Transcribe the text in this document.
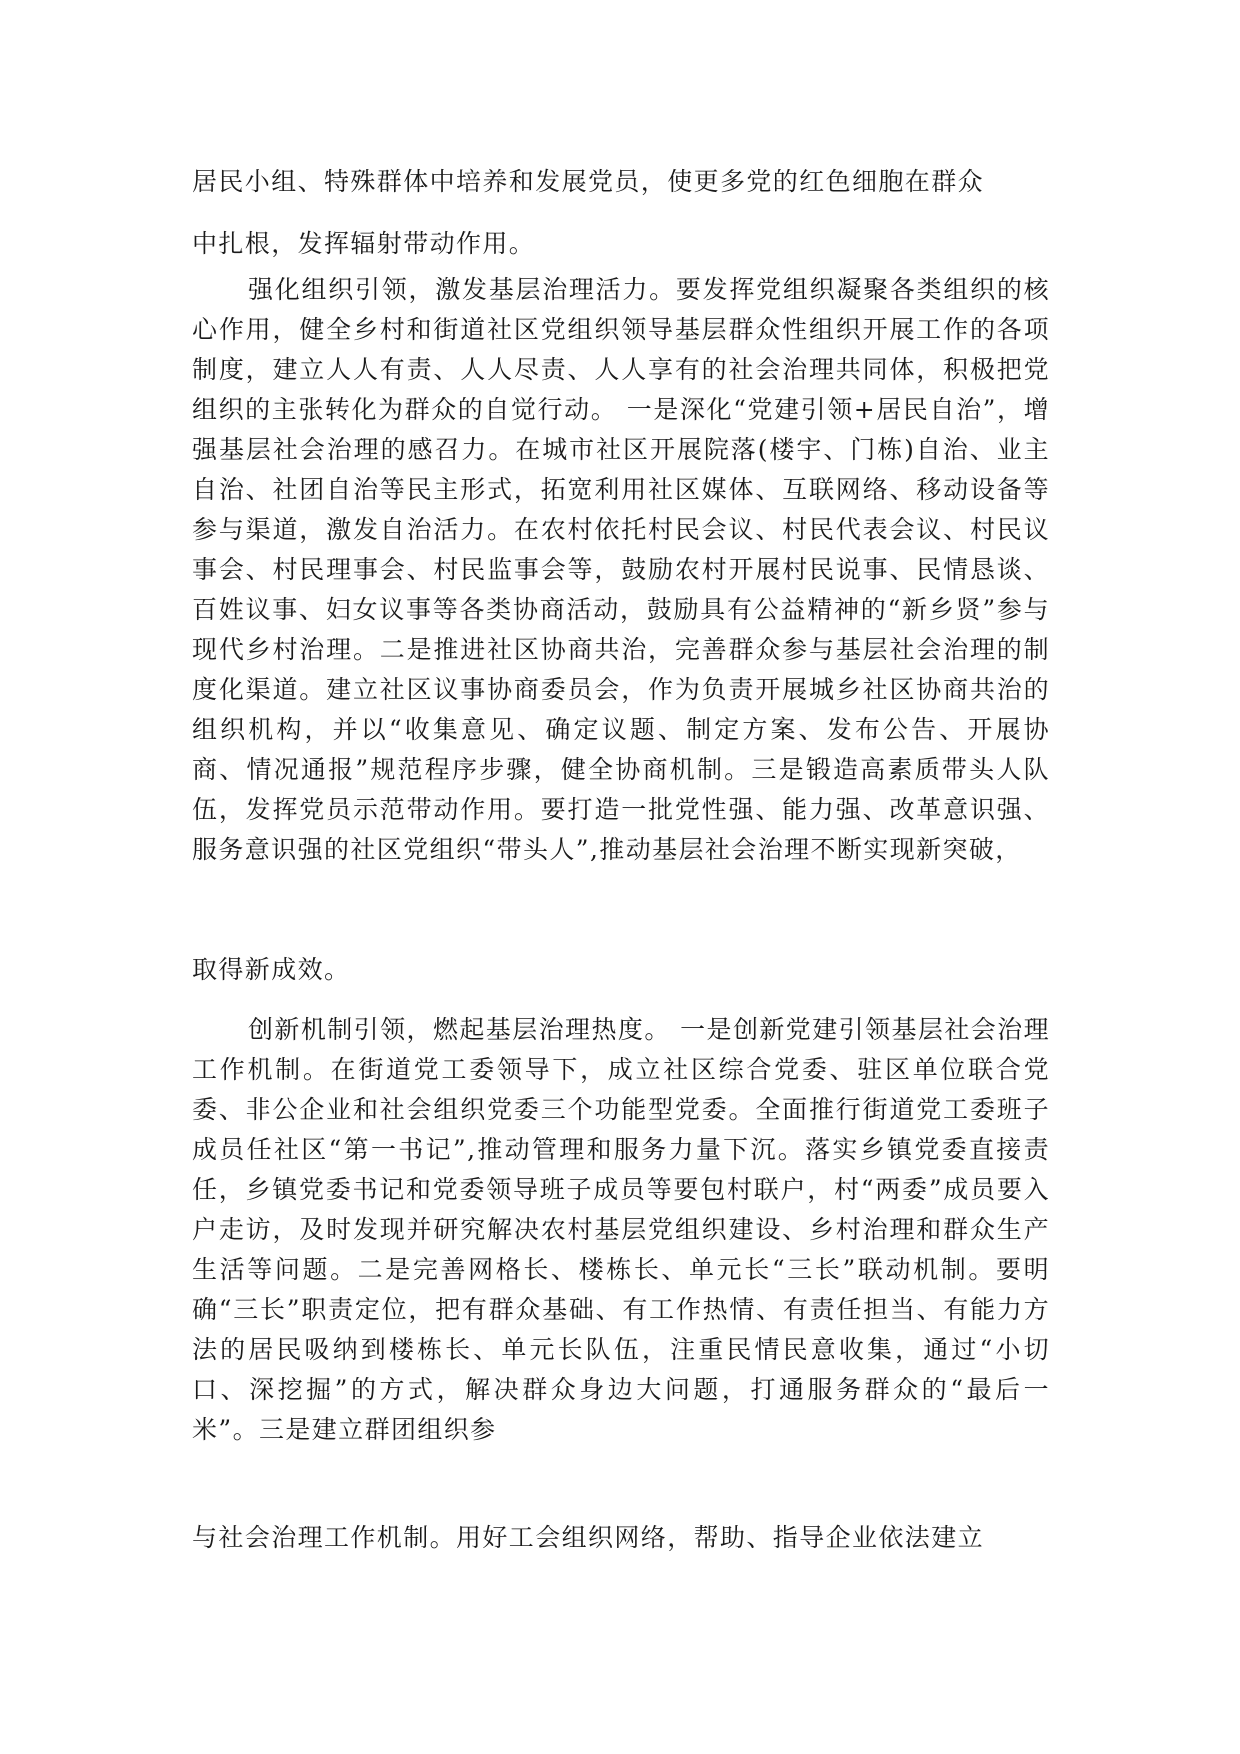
居民小组、特殊群体中培养和发展党员，使更多党的红色细胞在群众
中扎根，发挥辐射带动作用。

强化组织引领，激发基层治理活力。要发挥党组织凝聚各类组织的核心作用，健全乡村和街道社区党组织领导基层群众性组织开展工作的各项制度，建立人人有责、人人尽责、人人享有的社会治理共同体，积极把党组织的主张转化为群众的自觉行动。 一是深化“党建引领+居民自治”，增强基层社会治理的感召力。在城市社区开展院落(楼宇、门栋)自治、业主自治、社团自治等民主形式，拓宽利用社区媒体、互联网络、移动设备等参与渠道，激发自治活力。在农村依托村民会议、村民代表会议、村民议事会、村民理事会、村民监事会等，鼓励农村开展村民说事、民情恳谈、百姓议事、妇女议事等各类协商活动，鼓励具有公益精神的“新乡贤”参与现代乡村治理。二是推进社区协商共治，完善群众参与基层社会治理的制度化渠道。建立社区议事协商委员会，作为负责开展城乡社区协商共治的组织机构，并以“收集意见、确定议题、制定方案、发布公告、开展协商、情况通报”规范程序步骤，健全协商机制。三是锻造高素质带头人队伍，发挥党员示范带动作用。要打造一批党性强、能力强、改革意识强、服务意识强的社区党组织“带头人”,推动基层社会治理不断实现新突破，

取得新成效。

创新机制引领，燃起基层治理热度。 一是创新党建引领基层社会治理工作机制。在街道党工委领导下，成立社区综合党委、驻区单位联合党委、非公企业和社会组织党委三个功能型党委。全面推行街道党工委班子成员任社区“第一书记”,推动管理和服务力量下沉。落实乡镇党委直接责任，乡镇党委书记和党委领导班子成员等要包村联户，村“两委”成员要入户走访，及时发现并研究解决农村基层党组织建设、乡村治理和群众生产生活等问题。二是完善网格长、楼栋长、单元长“三长”联动机制。要明确“三长”职责定位，把有群众基础、有工作热情、有责任担当、有能力方法的居民吸纳到楼栋长、单元长队伍，注重民情民意收集，通过“小切口、深挖掘”的方式，解决群众身边大问题，打通服务群众的“最后一米”。三是建立群团组织参

与社会治理工作机制。用好工会组织网络，帮助、指导企业依法建立
